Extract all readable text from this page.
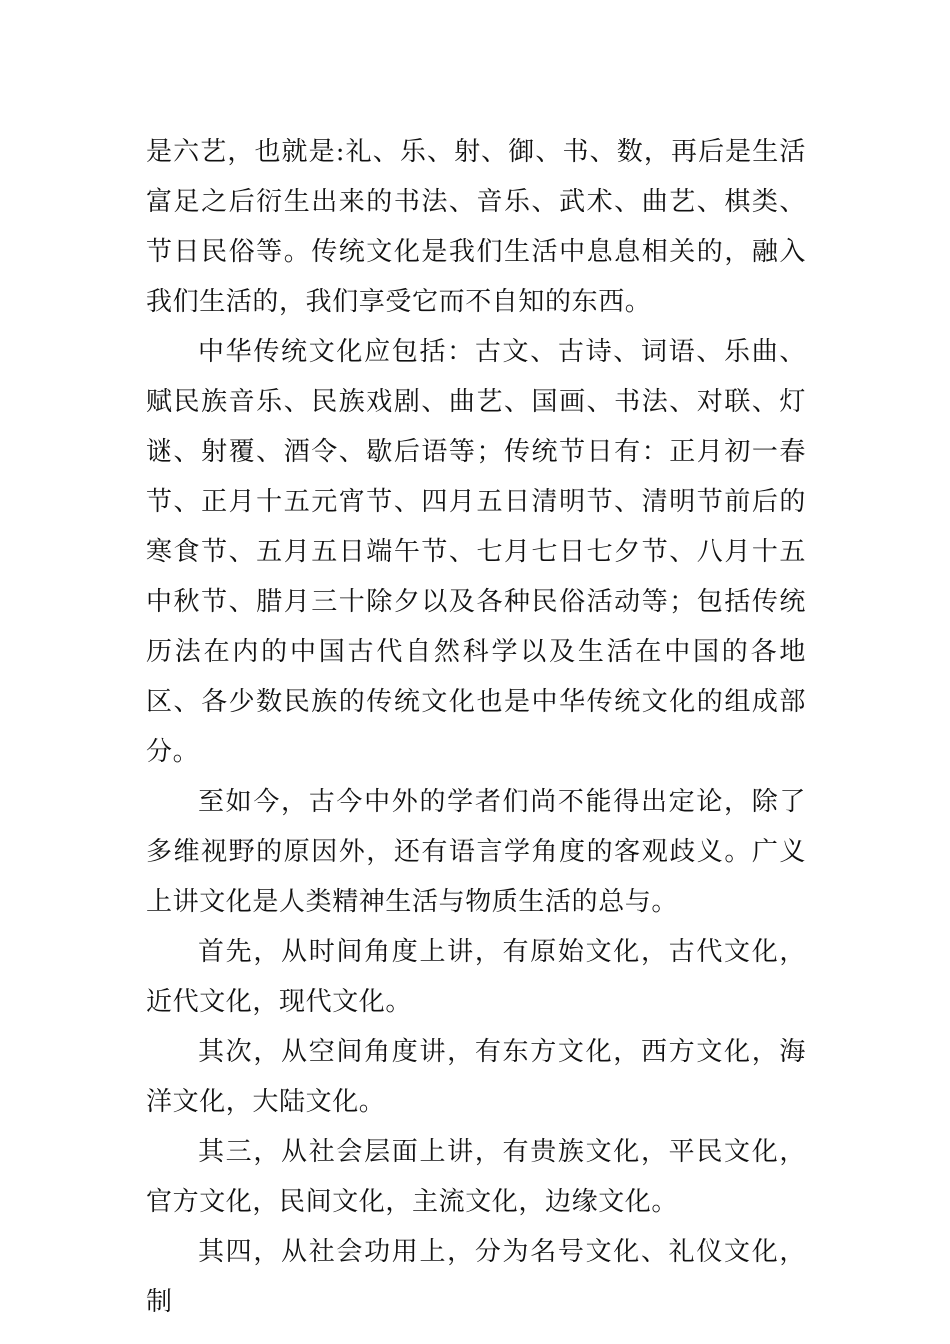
是六艺，也就是:礼、乐、射、御、书、数，再后是生活富足之后衍生出来的书法、音乐、武术、曲艺、棋类、节日民俗等。传统文化是我们生活中息息相关的，融入我们生活的，我们享受它而不自知的东西。

中华传统文化应包括：古文、古诗、词语、乐曲、赋民族音乐、民族戏剧、曲艺、国画、书法、对联、灯谜、射覆、酒令、歇后语等；传统节日有：正月初一春节、正月十五元宵节、四月五日清明节、清明节前后的寒食节、五月五日端午节、七月七日七夕节、八月十五中秋节、腊月三十除夕以及各种民俗活动等；包括传统历法在内的中国古代自然科学以及生活在中国的各地区、各少数民族的传统文化也是中华传统文化的组成部分。

至如今，古今中外的学者们尚不能得出定论，除了多维视野的原因外，还有语言学角度的客观歧义。广义上讲文化是人类精神生活与物质生活的总与。

首先，从时间角度上讲，有原始文化，古代文化，近代文化，现代文化。

其次，从空间角度讲，有东方文化，西方文化，海洋文化，大陆文化。

其三，从社会层面上讲，有贵族文化，平民文化，官方文化，民间文化，主流文化，边缘文化。

其四，从社会功用上，分为名号文化、礼仪文化，制
